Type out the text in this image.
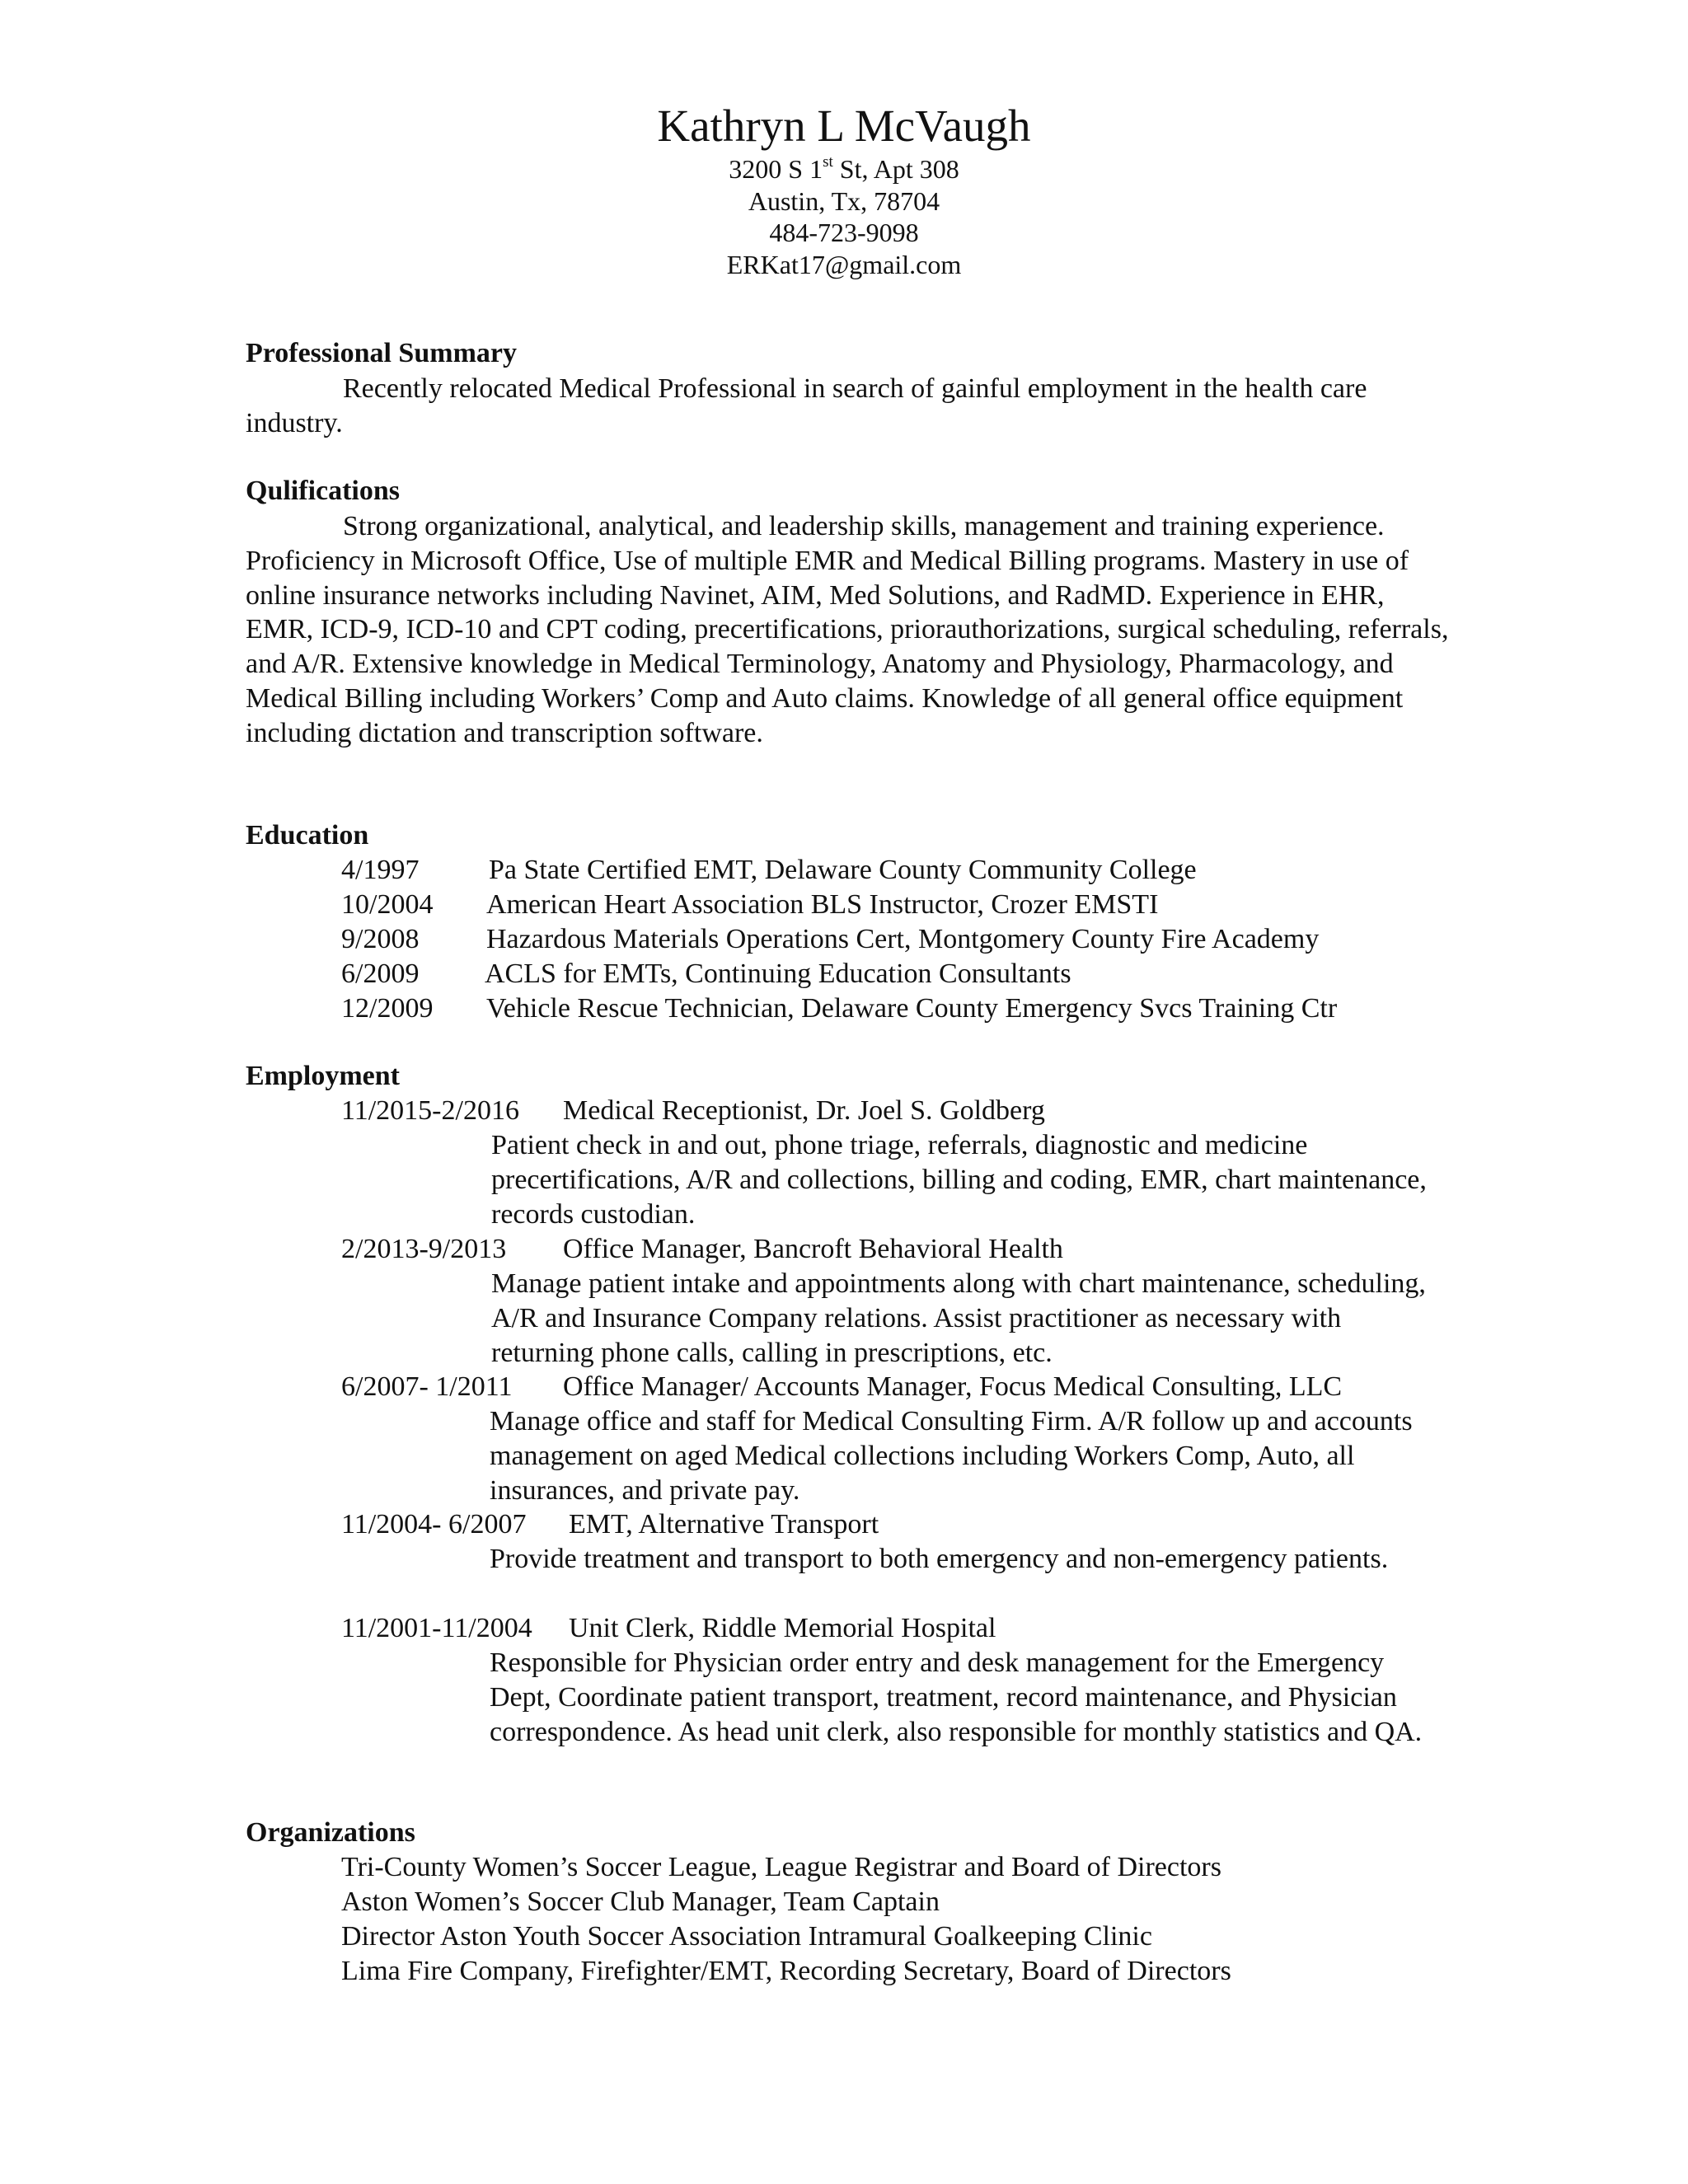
Kathryn L McVaugh
3200 S 1st St, Apt 308
Austin, Tx, 78704
484-723-9098
ERKat17@gmail.com
Professional Summary
Recently relocated Medical Professional in search of gainful employment in the health care industry.
Qulifications
Strong organizational, analytical, and leadership skills, management and training experience. Proficiency in Microsoft Office, Use of multiple EMR and Medical Billing programs. Mastery in use of online insurance networks including Navinet, AIM, Med Solutions, and RadMD. Experience in EHR, EMR, ICD-9, ICD-10 and CPT coding, precertifications, priorauthorizations, surgical scheduling, referrals, and A/R. Extensive knowledge in Medical Terminology, Anatomy and Physiology, Pharmacology, and Medical Billing including Workers’ Comp and Auto claims. Knowledge of all general office equipment including dictation and transcription software.
Education
4/1997 Pa State Certified EMT, Delaware County Community College
10/2004 American Heart Association BLS Instructor, Crozer EMSTI
9/2008 Hazardous Materials Operations Cert, Montgomery County Fire Academy
6/2009 ACLS for EMTs, Continuing Education Consultants
12/2009 Vehicle Rescue Technician, Delaware County Emergency Svcs Training Ctr
Employment
11/2015-2/2016 Medical Receptionist, Dr. Joel S. Goldberg
Patient check in and out, phone triage, referrals, diagnostic and medicine precertifications, A/R and collections, billing and coding, EMR, chart maintenance, records custodian.
2/2013-9/2013 Office Manager, Bancroft Behavioral Health
Manage patient intake and appointments along with chart maintenance, scheduling, A/R and Insurance Company relations. Assist practitioner as necessary with returning phone calls, calling in prescriptions, etc.
6/2007- 1/2011 Office Manager/ Accounts Manager, Focus Medical Consulting, LLC
Manage office and staff for Medical Consulting Firm. A/R follow up and accounts management on aged Medical collections including Workers Comp, Auto, all insurances, and private pay.
11/2004- 6/2007 EMT, Alternative Transport
Provide treatment and transport to both emergency and non-emergency patients.
11/2001-11/2004 Unit Clerk, Riddle Memorial Hospital
Responsible for Physician order entry and desk management for the Emergency Dept, Coordinate patient transport, treatment, record maintenance, and Physician correspondence. As head unit clerk, also responsible for monthly statistics and QA.
Organizations
Tri-County Women’s Soccer League, League Registrar and Board of Directors
Aston Women’s Soccer Club Manager, Team Captain
Director Aston Youth Soccer Association Intramural Goalkeeping Clinic
Lima Fire Company, Firefighter/EMT, Recording Secretary, Board of Directors
